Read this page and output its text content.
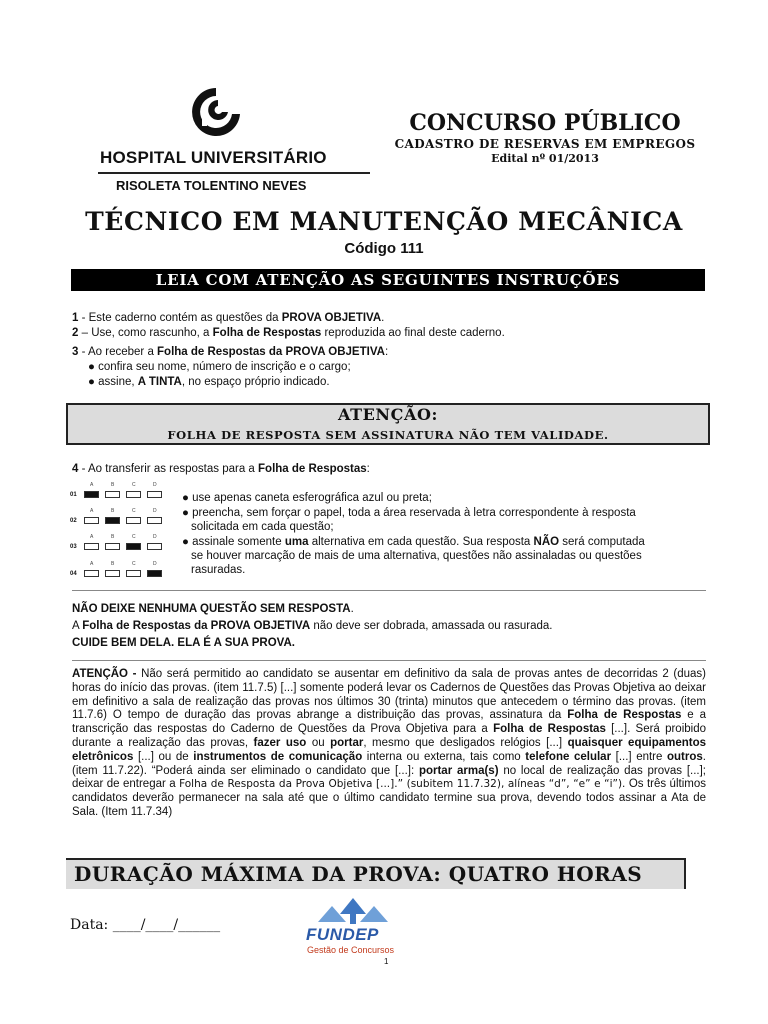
HOSPITAL UNIVERSITÁRIO
RISOLETA TOLENTINO NEVES
CONCURSO PÚBLICO
CADASTRO DE RESERVAS EM EMPREGOS
Edital nº 01/2013
TÉCNICO EM MANUTENÇÃO MECÂNICA
Código 111
LEIA COM ATENÇÃO AS SEGUINTES INSTRUÇÕES
1 - Este caderno contém as questões da PROVA OBJETIVA.
2 – Use, como rascunho, a Folha de Respostas reproduzida ao final deste caderno.
3 - Ao receber a Folha de Respostas da PROVA OBJETIVA:
● confira seu nome, número de inscrição e o cargo;
● assine, A TINTA, no espaço próprio indicado.
ATENÇÃO:
FOLHA DE RESPOSTA SEM ASSINATURA NÃO TEM VALIDADE.
4 - Ao transferir as respostas para a Folha de Respostas:
01
A	B	C	D
02
A	B	C	D
03
A	B	C	D
04
A	B	C	D
● use apenas caneta esferográfica azul ou preta;
● preencha, sem forçar o papel, toda a área reservada à letra correspondente à resposta
solicitada em cada questão;
● assinale somente uma alternativa em cada questão. Sua resposta NÃO será computada
se houver marcação de mais de uma alternativa, questões não assinaladas ou questões
rasuradas.
NÃO DEIXE NENHUMA QUESTÃO SEM RESPOSTA.
A Folha de Respostas da PROVA OBJETIVA não deve ser dobrada, amassada ou rasurada.
CUIDE BEM DELA. ELA É A SUA PROVA.
ATENÇÃO - Não será permitido ao candidato se ausentar em definitivo da sala de provas antes de decorridas 2 (duas) horas do início das provas. (item 11.7.5) [...] somente poderá levar os Cadernos de Questões das Provas Objetiva ao deixar em definitivo a sala de realização das provas nos últimos 30 (trinta) minutos que antecedem o término das provas. (item 11.7.6) O tempo de duração das provas abrange a distribuição das provas, assinatura da Folha de Respostas e a transcrição das respostas do Caderno de Questões da Prova Objetiva para a Folha de Respostas [...]. Será proibido durante a realização das provas, fazer uso ou portar, mesmo que desligados relógios [...] quaisquer equipamentos eletrônicos [...] ou de instrumentos de comunicação interna ou externa, tais como telefone celular [...] entre outros. (item 11.7.22). “Poderá ainda ser eliminado o candidato que [...]: portar arma(s) no local de realização das provas [...]; deixar de entregar a Folha de Resposta da Prova Objetiva [...].” (subitem 11.7.32), alíneas “d”, “e” e “i”). Os três últimos candidatos deverão permanecer na sala até que o último candidato termine sua prova, devendo todos assinar a Ata de Sala. (Item 11.7.34)
DURAÇÃO MÁXIMA DA PROVA: QUATRO HORAS
Data: ____/____/______	FUNDEP
Gestão de Concursos
1
